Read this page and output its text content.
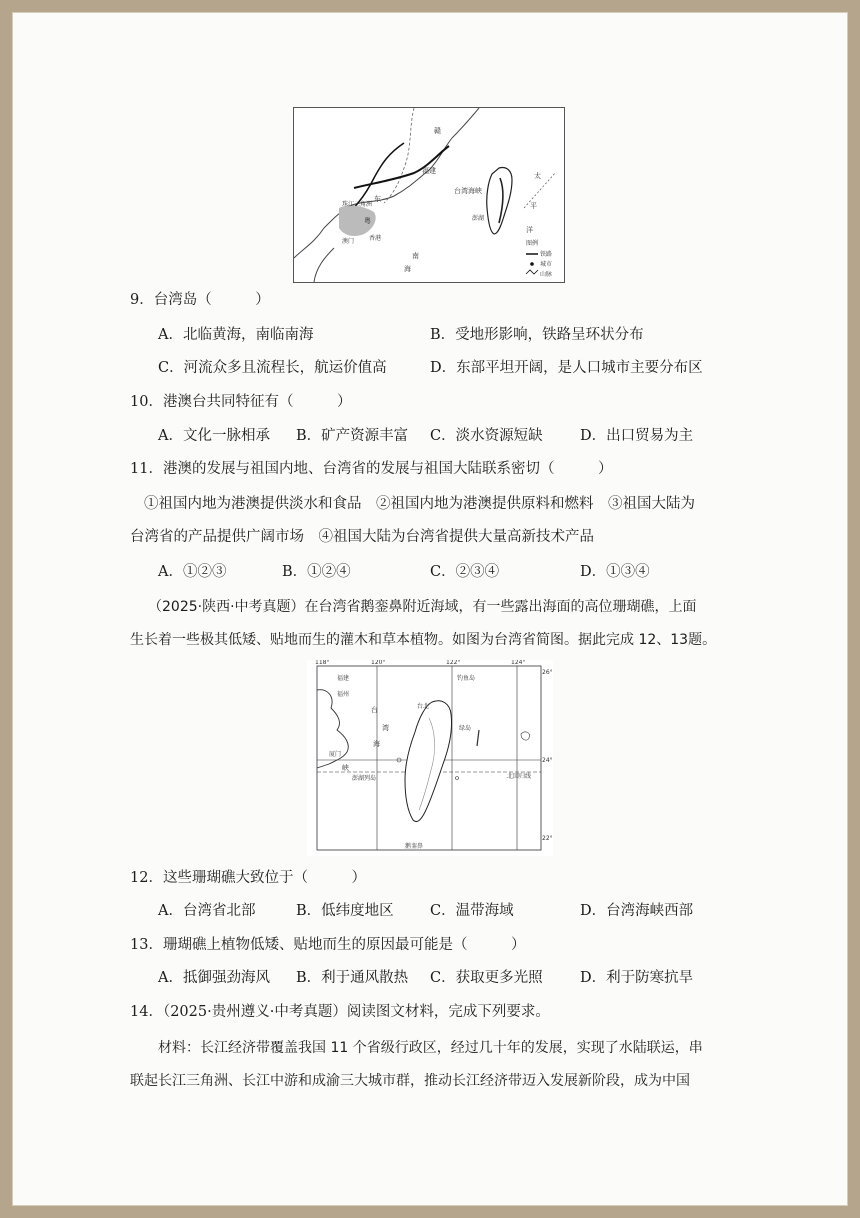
赣
福建
东
粤
珠江三角洲
香港
澳门
台湾海峡
澎湖
南
海
太
平
洋
图例
铁路
城市
山脉
9．台湾岛（　　　）
A．北临黄海，南临南海	B．受地形影响，铁路呈环状分布
C．河流众多且流程长，航运价值高	D．东部平坦开阔，是人口城市主要分布区
10．港澳台共同特征有（　　　）
A．文化一脉相承 B．矿产资源丰富 C．淡水资源短缺	D．出口贸易为主
11．港澳的发展与祖国内地、台湾省的发展与祖国大陆联系密切（　　　）
①祖国内地为港澳提供淡水和食品　②祖国内地为港澳提供原料和燃料　③祖国大陆为
台湾省的产品提供广阔市场　④祖国大陆为台湾省提供大量高新技术产品
A．①②③	B．①②④	C．②③④	D．①③④
（2025·陕西·中考真题）在台湾省鹅銮鼻附近海域，有一些露出海面的高位珊瑚礁，上面
生长着一些极其低矮、贴地而生的灌木和草本植物。如图为台湾省简图。据此完成 12、13题。
118°	120°	122°	124°
26°
24°
22°
福建
福州
厦门
台
湾
海
峡
台北
绿岛
澎湖列岛
钓鱼岛
北回归线
鹅銮鼻
12．这些珊瑚礁大致位于（　　　）
A．台湾省北部	B．低纬度地区	C．温带海域	D．台湾海峡西部
13．珊瑚礁上植物低矮、贴地而生的原因最可能是（　　　）
A．抵御强劲海风 B．利于通风散热 C．获取更多光照	D．利于防寒抗旱
14．（2025·贵州遵义·中考真题）阅读图文材料，完成下列要求。
材料：长江经济带覆盖我国 11 个省级行政区，经过几十年的发展，实现了水陆联运，串
联起长江三角洲、长江中游和成渝三大城市群，推动长江经济带迈入发展新阶段，成为中国
